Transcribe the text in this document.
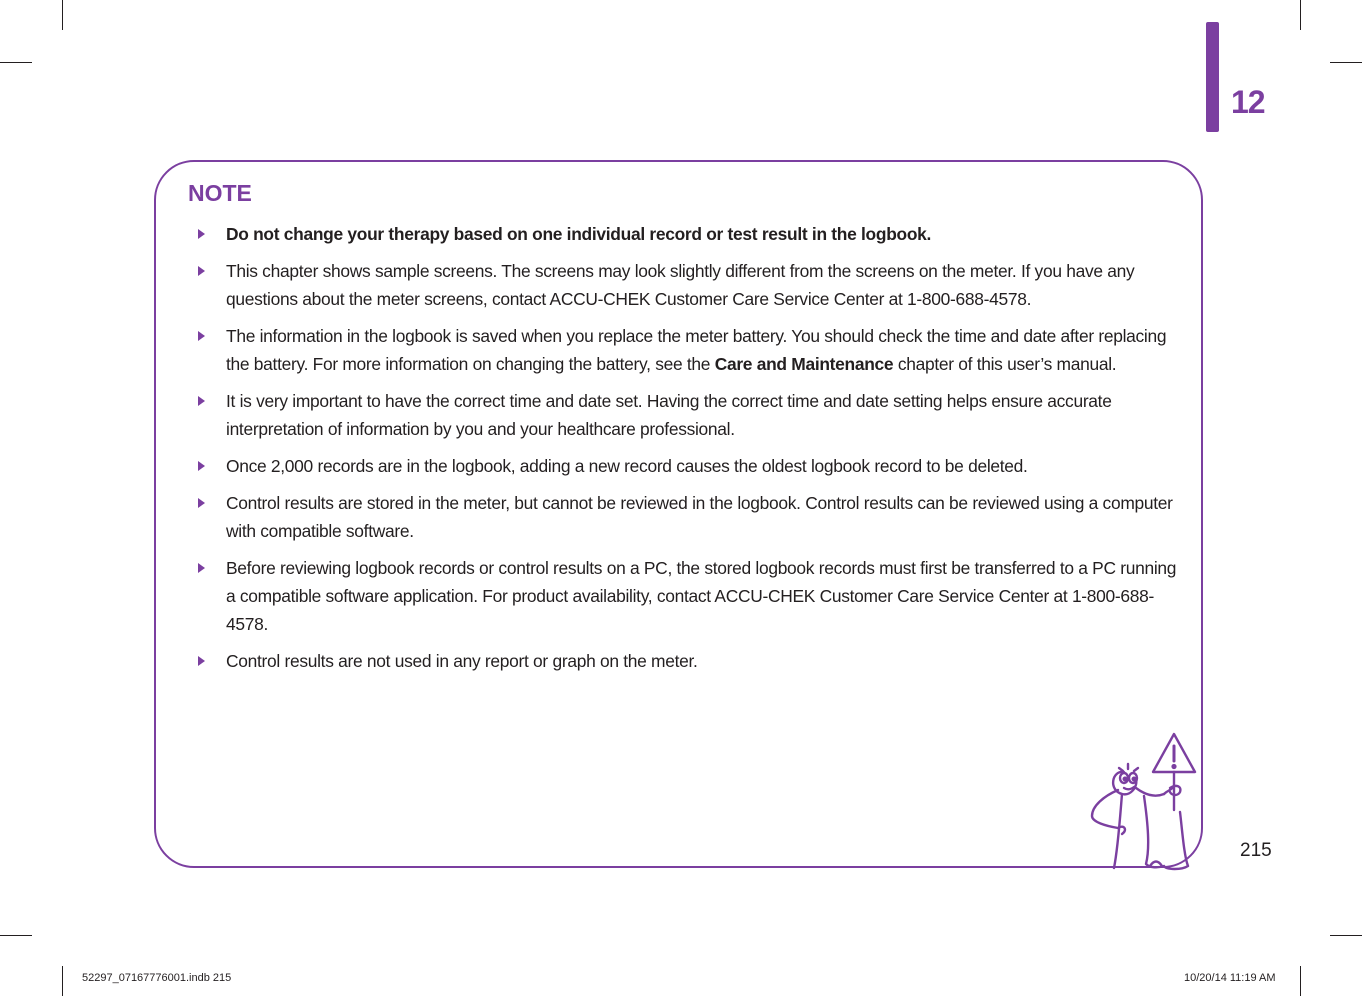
12
NOTE
Do not change your therapy based on one individual record or test result in the logbook.
This chapter shows sample screens. The screens may look slightly different from the screens on the meter. If you have any questions about the meter screens, contact ACCU-CHEK Customer Care Service Center at 1-800-688-4578.
The information in the logbook is saved when you replace the meter battery. You should check the time and date after replacing the battery. For more information on changing the battery, see the Care and Maintenance chapter of this user’s manual.
It is very important to have the correct time and date set. Having the correct time and date setting helps ensure accurate interpretation of information by you and your healthcare professional.
Once 2,000 records are in the logbook, adding a new record causes the oldest logbook record to be deleted.
Control results are stored in the meter, but cannot be reviewed in the logbook. Control results can be reviewed using a computer with compatible software.
Before reviewing logbook records or control results on a PC, the stored logbook records must first be transferred to a PC running a compatible software application. For product availability, contact ACCU-CHEK Customer Care Service Center at 1-800-688-4578.
Control results are not used in any report or graph on the meter.
215
52297_07167776001.indb 215	10/20/14 11:19 AM
